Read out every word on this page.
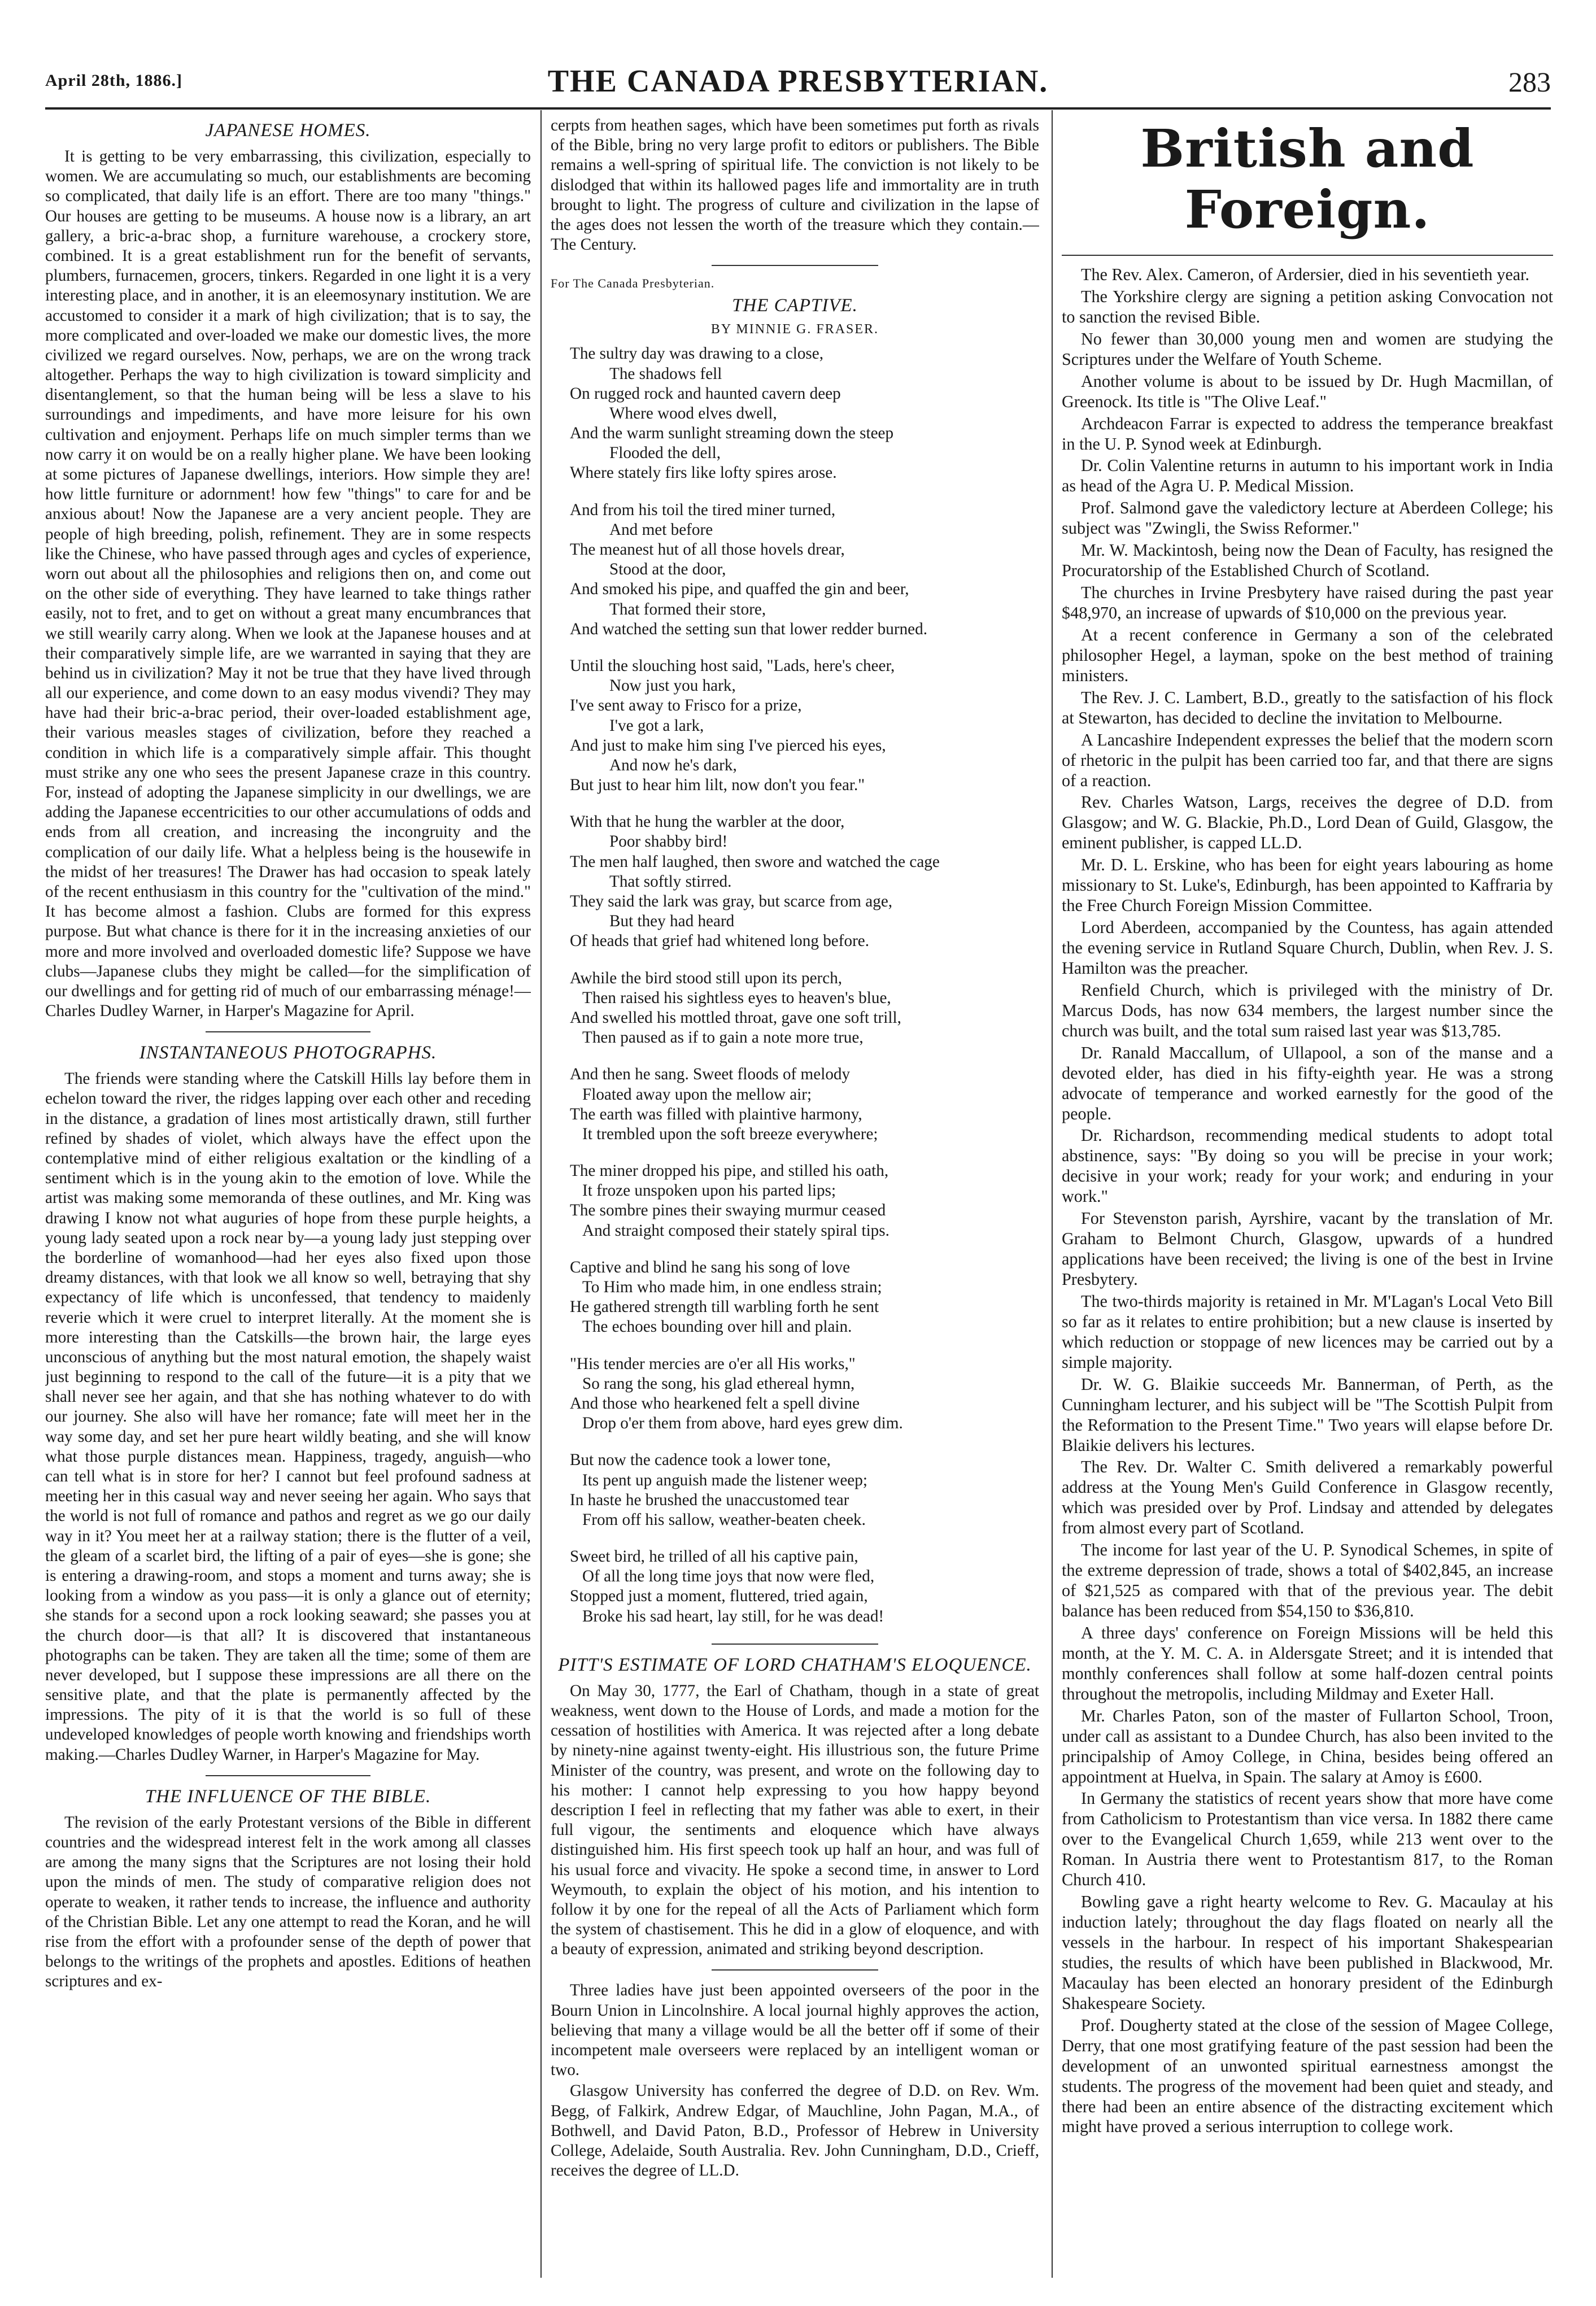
April 28th, 1886.]	THE CANADA PRESBYTERIAN.	283
JAPANESE HOMES.

It is getting to be very embarrassing, this civilization, especially to women. We are accumulating so much, our establishments are becoming so complicated, that daily life is an effort. There are too many "things." Our houses are getting to be museums. A house now is a library, an art gallery, a bric-a-brac shop, a furniture warehouse, a crockery store, combined. It is a great establishment run for the benefit of servants, plumbers, furnacemen, grocers, tinkers. Regarded in one light it is a very interesting place, and in another, it is an eleemosynary institution. We are accustomed to consider it a mark of high civilization; that is to say, the more complicated and over-loaded we make our domestic lives, the more civilized we regard ourselves. Now, perhaps, we are on the wrong track altogether. Perhaps the way to high civilization is toward simplicity and disentanglement, so that the human being will be less a slave to his surroundings and impediments, and have more leisure for his own cultivation and enjoyment. Perhaps life on much simpler terms than we now carry it on would be on a really higher plane. We have been looking at some pictures of Japanese dwellings, interiors. How simple they are! how little furniture or adornment! how few "things" to care for and be anxious about! Now the Japanese are a very ancient people. They are people of high breeding, polish, refinement. They are in some respects like the Chinese, who have passed through ages and cycles of experience, worn out about all the philosophies and religions then on, and come out on the other side of everything. They have learned to take things rather easily, not to fret, and to get on without a great many encumbrances that we still wearily carry along. When we look at the Japanese houses and at their comparatively simple life, are we warranted in saying that they are behind us in civilization? May it not be true that they have lived through all our experience, and come down to an easy modus vivendi? They may have had their bric-a-brac period, their over-loaded establishment age, their various measles stages of civilization, before they reached a condition in which life is a comparatively simple affair. This thought must strike any one who sees the present Japanese craze in this country. For, instead of adopting the Japanese simplicity in our dwellings, we are adding the Japanese eccentricities to our other accumulations of odds and ends from all creation, and increasing the incongruity and the complication of our daily life. What a helpless being is the housewife in the midst of her treasures! The Drawer has had occasion to speak lately of the recent enthusiasm in this country for the "cultivation of the mind." It has become almost a fashion. Clubs are formed for this express purpose. But what chance is there for it in the increasing anxieties of our more and more involved and overloaded domestic life? Suppose we have clubs—Japanese clubs they might be called—for the simplification of our dwellings and for getting rid of much of our embarrassing ménage!—Charles Dudley Warner, in Harper's Magazine for April.

INSTANTANEOUS PHOTOGRAPHS.

The friends were standing where the Catskill Hills lay before them in echelon toward the river, the ridges lapping over each other and receding in the distance, a gradation of lines most artistically drawn, still further refined by shades of violet, which always have the effect upon the contemplative mind of either religious exaltation or the kindling of a sentiment which is in the young akin to the emotion of love. While the artist was making some memoranda of these outlines, and Mr. King was drawing I know not what auguries of hope from these purple heights, a young lady seated upon a rock near by—a young lady just stepping over the borderline of womanhood—had her eyes also fixed upon those dreamy distances, with that look we all know so well, betraying that shy expectancy of life which is unconfessed, that tendency to maidenly reverie which it were cruel to interpret literally. At the moment she is more interesting than the Catskills—the brown hair, the large eyes unconscious of anything but the most natural emotion, the shapely waist just beginning to respond to the call of the future—it is a pity that we shall never see her again, and that she has nothing whatever to do with our journey. She also will have her romance; fate will meet her in the way some day, and set her pure heart wildly beating, and she will know what those purple distances mean. Happiness, tragedy, anguish—who can tell what is in store for her? I cannot but feel profound sadness at meeting her in this casual way and never seeing her again. Who says that the world is not full of romance and pathos and regret as we go our daily way in it? You meet her at a railway station; there is the flutter of a veil, the gleam of a scarlet bird, the lifting of a pair of eyes—she is gone; she is entering a drawing-room, and stops a moment and turns away; she is looking from a window as you pass—it is only a glance out of eternity; she stands for a second upon a rock looking seaward; she passes you at the church door—is that all? It is discovered that instantaneous photographs can be taken. They are taken all the time; some of them are never developed, but I suppose these impressions are all there on the sensitive plate, and that the plate is permanently affected by the impressions. The pity of it is that the world is so full of these undeveloped knowledges of people worth knowing and friendships worth making.—Charles Dudley Warner, in Harper's Magazine for May.

THE INFLUENCE OF THE BIBLE.

The revision of the early Protestant versions of the Bible in different countries and the widespread interest felt in the work among all classes are among the many signs that the Scriptures are not losing their hold upon the minds of men. The study of comparative religion does not operate to weaken, it rather tends to increase, the influence and authority of the Christian Bible. Let any one attempt to read the Koran, and he will rise from the effort with a profounder sense of the depth of power that belongs to the writings of the prophets and apostles. Editions of heathen scriptures and ex-

cerpts from heathen sages, which have been sometimes put forth as rivals of the Bible, bring no very large profit to editors or publishers. The Bible remains a well-spring of spiritual life. The conviction is not likely to be dislodged that within its hallowed pages life and immortality are in truth brought to light. The progress of culture and civilization in the lapse of the ages does not lessen the worth of the treasure which they contain.—The Century.

For The Canada Presbyterian.
THE CAPTIVE.
BY MINNIE G. FRASER.
The sultry day was drawing to a close,
The shadows fell
On rugged rock and haunted cavern deep
Where wood elves dwell,
And the warm sunlight streaming down the steep
Flooded the dell,
Where stately firs like lofty spires arose.
And from his toil the tired miner turned,
And met before
The meanest hut of all those hovels drear,
Stood at the door,
And smoked his pipe, and quaffed the gin and beer,
That formed their store,
And watched the setting sun that lower redder burned.
Until the slouching host said, "Lads, here's cheer,
Now just you hark,
I've sent away to Frisco for a prize,
I've got a lark,
And just to make him sing I've pierced his eyes,
And now he's dark,
But just to hear him lilt, now don't you fear."
With that he hung the warbler at the door,
Poor shabby bird!
The men half laughed, then swore and watched the cage
That softly stirred.
They said the lark was gray, but scarce from age,
But they had heard
Of heads that grief had whitened long before.
Awhile the bird stood still upon its perch,
Then raised his sightless eyes to heaven's blue,
And swelled his mottled throat, gave one soft trill,
Then paused as if to gain a note more true,
And then he sang. Sweet floods of melody
Floated away upon the mellow air;
The earth was filled with plaintive harmony,
It trembled upon the soft breeze everywhere;
The miner dropped his pipe, and stilled his oath,
It froze unspoken upon his parted lips;
The sombre pines their swaying murmur ceased
And straight composed their stately spiral tips.
Captive and blind he sang his song of love
To Him who made him, in one endless strain;
He gathered strength till warbling forth he sent
The echoes bounding over hill and plain.
"His tender mercies are o'er all His works,"
So rang the song, his glad ethereal hymn,
And those who hearkened felt a spell divine
Drop o'er them from above, hard eyes grew dim.
But now the cadence took a lower tone,
Its pent up anguish made the listener weep;
In haste he brushed the unaccustomed tear
From off his sallow, weather-beaten cheek.
Sweet bird, he trilled of all his captive pain,
Of all the long time joys that now were fled,
Stopped just a moment, fluttered, tried again,
Broke his sad heart, lay still, for he was dead!
PITT'S ESTIMATE OF LORD CHATHAM'S ELOQUENCE.

On May 30, 1777, the Earl of Chatham, though in a state of great weakness, went down to the House of Lords, and made a motion for the cessation of hostilities with America. It was rejected after a long debate by ninety-nine against twenty-eight. His illustrious son, the future Prime Minister of the country, was present, and wrote on the following day to his mother: I cannot help expressing to you how happy beyond description I feel in reflecting that my father was able to exert, in their full vigour, the sentiments and eloquence which have always distinguished him. His first speech took up half an hour, and was full of his usual force and vivacity. He spoke a second time, in answer to Lord Weymouth, to explain the object of his motion, and his intention to follow it by one for the repeal of all the Acts of Parliament which form the system of chastisement. This he did in a glow of eloquence, and with a beauty of expression, animated and striking beyond description.

Three ladies have just been appointed overseers of the poor in the Bourn Union in Lincolnshire. A local journal highly approves the action, believing that many a village would be all the better off if some of their incompetent male overseers were replaced by an intelligent woman or two.

Glasgow University has conferred the degree of D.D. on Rev. Wm. Begg, of Falkirk, Andrew Edgar, of Mauchline, John Pagan, M.A., of Bothwell, and David Paton, B.D., Professor of Hebrew in University College, Adelaide, South Australia. Rev. John Cunningham, D.D., Crieff, receives the degree of LL.D.

British and Foreign.

The Rev. Alex. Cameron, of Ardersier, died in his seventieth year.

The Yorkshire clergy are signing a petition asking Convocation not to sanction the revised Bible.

No fewer than 30,000 young men and women are studying the Scriptures under the Welfare of Youth Scheme.

Another volume is about to be issued by Dr. Hugh Macmillan, of Greenock. Its title is "The Olive Leaf."

Archdeacon Farrar is expected to address the temperance breakfast in the U. P. Synod week at Edinburgh.

Dr. Colin Valentine returns in autumn to his important work in India as head of the Agra U. P. Medical Mission.

Prof. Salmond gave the valedictory lecture at Aberdeen College; his subject was "Zwingli, the Swiss Reformer."

Mr. W. Mackintosh, being now the Dean of Faculty, has resigned the Procuratorship of the Established Church of Scotland.

The churches in Irvine Presbytery have raised during the past year $48,970, an increase of upwards of $10,000 on the previous year.

At a recent conference in Germany a son of the celebrated philosopher Hegel, a layman, spoke on the best method of training ministers.

The Rev. J. C. Lambert, B.D., greatly to the satisfaction of his flock at Stewarton, has decided to decline the invitation to Melbourne.

A Lancashire Independent expresses the belief that the modern scorn of rhetoric in the pulpit has been carried too far, and that there are signs of a reaction.

Rev. Charles Watson, Largs, receives the degree of D.D. from Glasgow; and W. G. Blackie, Ph.D., Lord Dean of Guild, Glasgow, the eminent publisher, is capped LL.D.

Mr. D. L. Erskine, who has been for eight years labouring as home missionary to St. Luke's, Edinburgh, has been appointed to Kaffraria by the Free Church Foreign Mission Committee.

Lord Aberdeen, accompanied by the Countess, has again attended the evening service in Rutland Square Church, Dublin, when Rev. J. S. Hamilton was the preacher.

Renfield Church, which is privileged with the ministry of Dr. Marcus Dods, has now 634 members, the largest number since the church was built, and the total sum raised last year was $13,785.

Dr. Ranald Maccallum, of Ullapool, a son of the manse and a devoted elder, has died in his fifty-eighth year. He was a strong advocate of temperance and worked earnestly for the good of the people.

Dr. Richardson, recommending medical students to adopt total abstinence, says: "By doing so you will be precise in your work; decisive in your work; ready for your work; and enduring in your work."

For Stevenston parish, Ayrshire, vacant by the translation of Mr. Graham to Belmont Church, Glasgow, upwards of a hundred applications have been received; the living is one of the best in Irvine Presbytery.

The two-thirds majority is retained in Mr. M'Lagan's Local Veto Bill so far as it relates to entire prohibition; but a new clause is inserted by which reduction or stoppage of new licences may be carried out by a simple majority.

Dr. W. G. Blaikie succeeds Mr. Bannerman, of Perth, as the Cunningham lecturer, and his subject will be "The Scottish Pulpit from the Reformation to the Present Time." Two years will elapse before Dr. Blaikie delivers his lectures.

The Rev. Dr. Walter C. Smith delivered a remarkably powerful address at the Young Men's Guild Conference in Glasgow recently, which was presided over by Prof. Lindsay and attended by delegates from almost every part of Scotland.

The income for last year of the U. P. Synodical Schemes, in spite of the extreme depression of trade, shows a total of $402,845, an increase of $21,525 as compared with that of the previous year. The debit balance has been reduced from $54,150 to $36,810.

A three days' conference on Foreign Missions will be held this month, at the Y. M. C. A. in Aldersgate Street; and it is intended that monthly conferences shall follow at some half-dozen central points throughout the metropolis, including Mildmay and Exeter Hall.

Mr. Charles Paton, son of the master of Fullarton School, Troon, under call as assistant to a Dundee Church, has also been invited to the principalship of Amoy College, in China, besides being offered an appointment at Huelva, in Spain. The salary at Amoy is £600.

In Germany the statistics of recent years show that more have come from Catholicism to Protestantism than vice versa. In 1882 there came over to the Evangelical Church 1,659, while 213 went over to the Roman. In Austria there went to Protestantism 817, to the Roman Church 410.

Bowling gave a right hearty welcome to Rev. G. Macaulay at his induction lately; throughout the day flags floated on nearly all the vessels in the harbour. In respect of his important Shakespearian studies, the results of which have been published in Blackwood, Mr. Macaulay has been elected an honorary president of the Edinburgh Shakespeare Society.

Prof. Dougherty stated at the close of the session of Magee College, Derry, that one most gratifying feature of the past session had been the development of an unwonted spiritual earnestness amongst the students. The progress of the movement had been quiet and steady, and there had been an entire absence of the distracting excitement which might have proved a serious interruption to college work.
